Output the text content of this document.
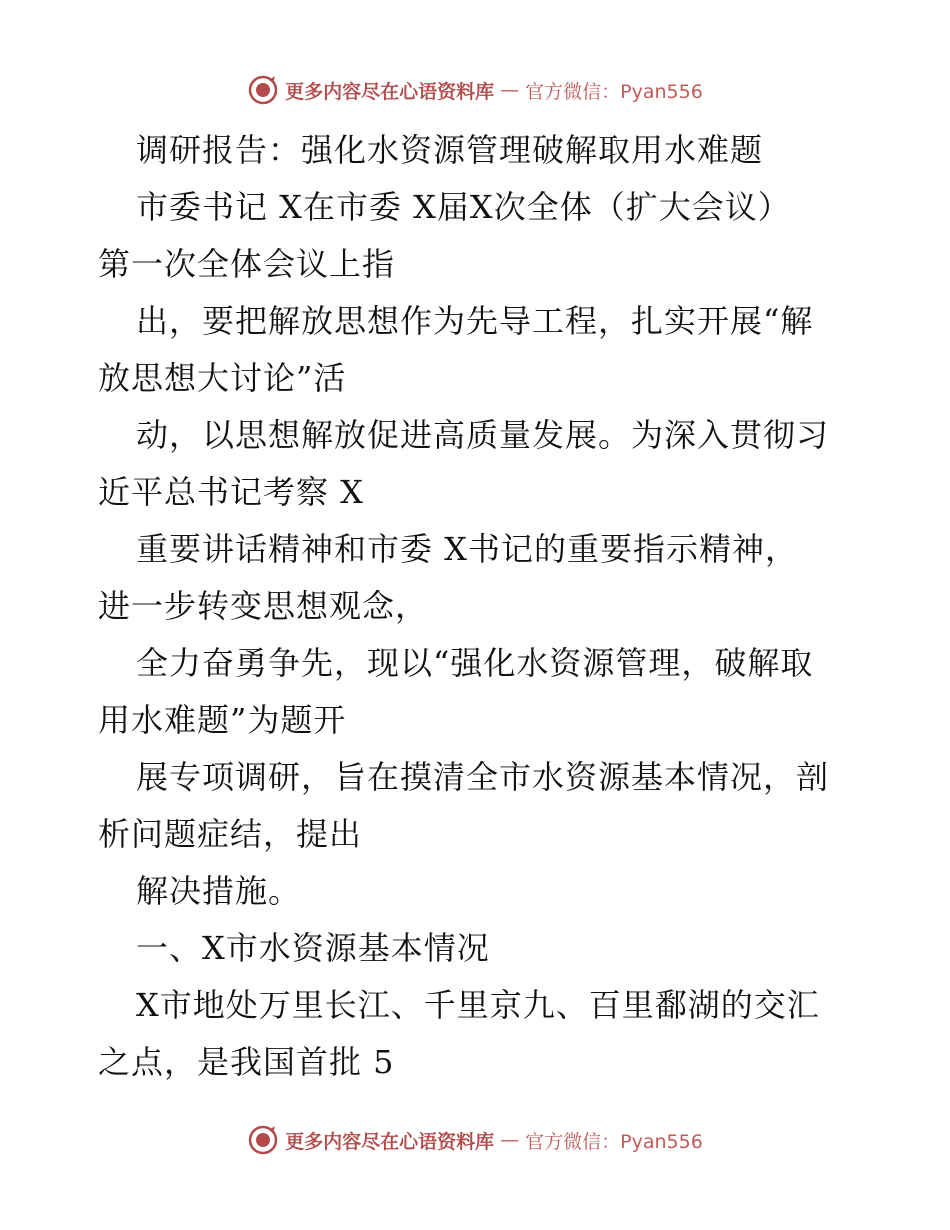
更多内容尽在心语资料库 — 官方微信：Pyan556
调研报告：强化水资源管理破解取用水难题
市委书记 X在市委 X届X次全体（扩大会议）
第一次全体会议上指
出，要把解放思想作为先导工程，扎实开展“解
放思想大讨论”活
动，以思想解放促进高质量发展。为深入贯彻习
近平总书记考察 X
重要讲话精神和市委 X书记的重要指示精神，
进一步转变思想观念，
全力奋勇争先，现以“强化水资源管理，破解取
用水难题”为题开
展专项调研，旨在摸清全市水资源基本情况，剖
析问题症结，提出
解决措施。
一、X市水资源基本情况
X市地处万里长江、千里京九、百里鄱湖的交汇
之点，是我国首批 5
更多内容尽在心语资料库 — 官方微信：Pyan556
